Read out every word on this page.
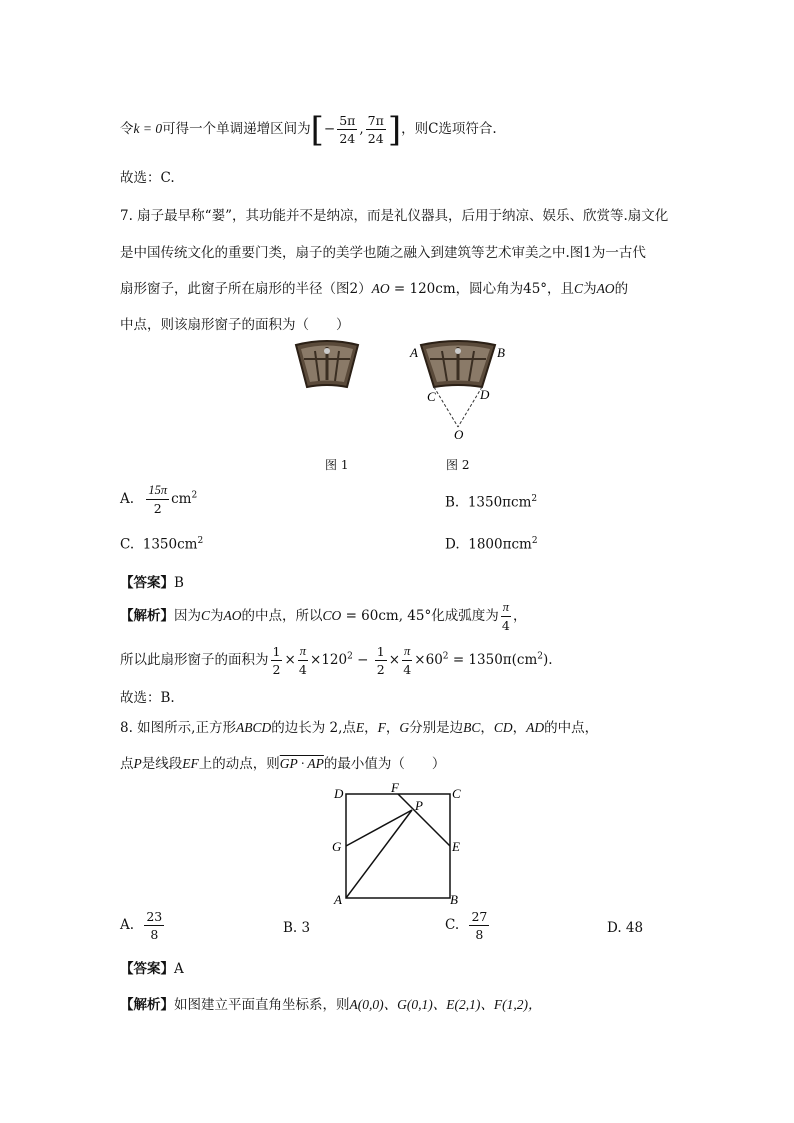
令k = 0可得一个单调递增区间为[− $\frac{5\pi}{24}$ , $\frac{7\pi}{24}$ ]，则C选项符合.
故选：C.
7. 扇子最早称“翣”，其功能并不是纳凉，而是礼仪器具，后用于纳凉、娱乐、欣赏等.扇文化
是中国传统文化的重要门类，扇子的美学也随之融入到建筑等艺术审美之中.图1为一古代
扇形窗子，此窗子所在扇形的半径（图2）AO = 120cm，圆心角为45°，且C为AO的
中点，则该扇形窗子的面积为（　　）
A	B
C	D
O
图 1	图 2
A. $\frac{15\pi}{2} cm^2$	B. 1350πcm$^2$
C. $1350cm^2$	D. 1800πcm$^2$
【答案】B
【解析】因为C为AO的中点，所以CO = 60cm, 45°化成弧度为 $\frac{\pi}{4}$ ，
所以此扇形窗子的面积为 $\frac{1}{2} \times \frac{\pi}{4} \times 120^2 - \frac{1}{2} \times \frac{\pi}{4} \times 60^2 = 1350\pi(cm^2)$.
故选：B.
8. 如图所示,正方形ABCD的边长为 2,点E，F，G分别是边BC，CD，AD的中点，
点P是线段EF上的动点，则GP · AP的最小值为（　　）
D	F	C
P
G	E
A	B
A. $\frac{23}{8}$	B. 3	C. $\frac{27}{8}$	D. 48
【答案】A
【解析】如图建立平面直角坐标系，则A(0,0)、G(0,1)、E(2,1)、F(1,2)，
